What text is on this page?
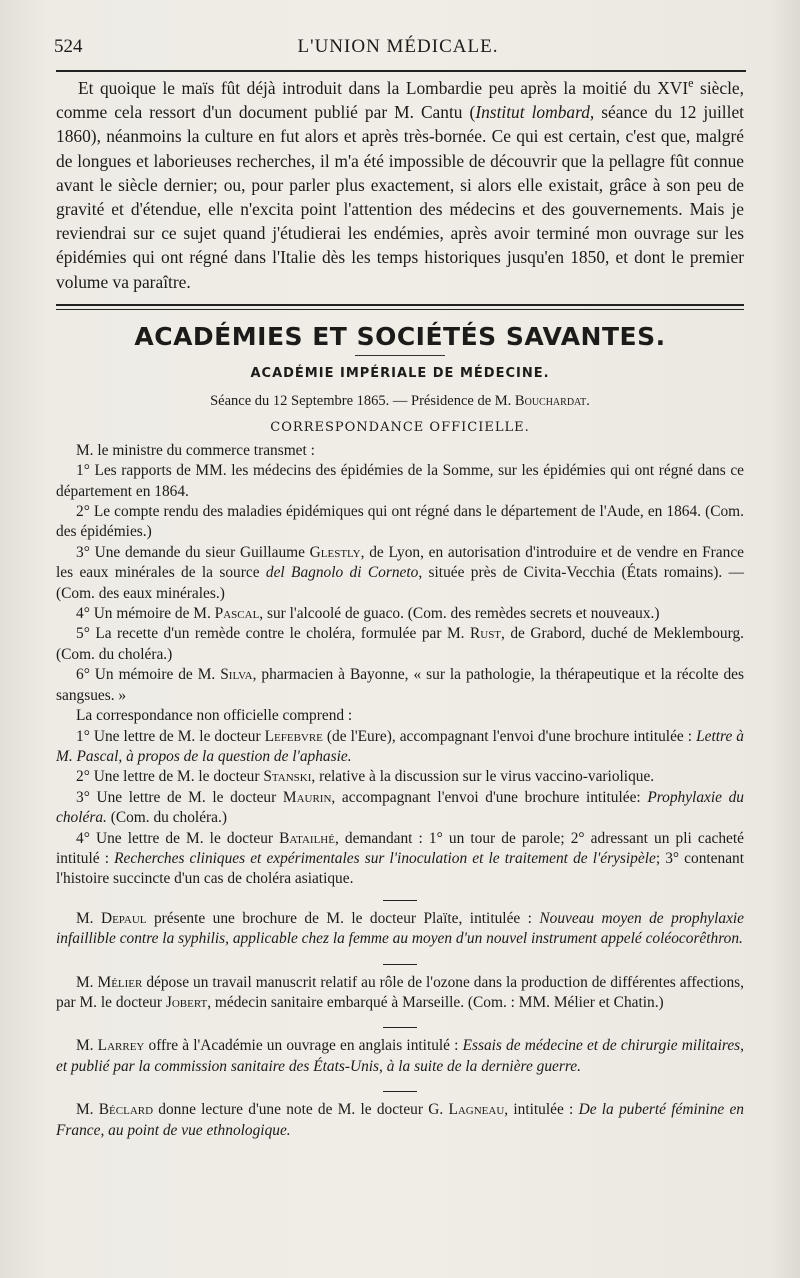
524	L'UNION MÉDICALE.

Et quoique le maïs fût déjà introduit dans la Lombardie peu après la moitié du XVIe siècle, comme cela ressort d'un document publié par M. Cantu (Institut lombard, séance du 12 juillet 1860), néanmoins la culture en fut alors et après très-bornée. Ce qui est certain, c'est que, malgré de longues et laborieuses recherches, il m'a été impossible de découvrir que la pellagre fût connue avant le siècle dernier; ou, pour parler plus exactement, si alors elle existait, grâce à son peu de gravité et d'étendue, elle n'excita point l'attention des médecins et des gouvernements. Mais je reviendrai sur ce sujet quand j'étudierai les endémies, après avoir terminé mon ouvrage sur les épidémies qui ont régné dans l'Italie dès les temps historiques jusqu'en 1850, et dont le premier volume va paraître.

ACADÉMIES ET SOCIÉTÉS SAVANTES.
ACADÉMIE IMPÉRIALE DE MÉDECINE.
Séance du 12 Septembre 1865. — Présidence de M. Bouchardat.
CORRESPONDANCE OFFICIELLE.

M. le ministre du commerce transmet :

1° Les rapports de MM. les médecins des épidémies de la Somme, sur les épidémies qui ont régné dans ce département en 1864.

2° Le compte rendu des maladies épidémiques qui ont régné dans le département de l'Aude, en 1864. (Com. des épidémies.)

3° Une demande du sieur Guillaume Glestly, de Lyon, en autorisation d'introduire et de vendre en France les eaux minérales de la source del Bagnolo di Corneto, située près de Civita-Vecchia (États romains). — (Com. des eaux minérales.)

4° Un mémoire de M. Pascal, sur l'alcoolé de guaco. (Com. des remèdes secrets et nouveaux.)

5° La recette d'un remède contre le choléra, formulée par M. Rust, de Grabord, duché de Meklembourg. (Com. du choléra.)

6° Un mémoire de M. Silva, pharmacien à Bayonne, « sur la pathologie, la thérapeutique et la récolte des sangsues. »

La correspondance non officielle comprend :

1° Une lettre de M. le docteur Lefebvre (de l'Eure), accompagnant l'envoi d'une brochure intitulée : Lettre à M. Pascal, à propos de la question de l'aphasie.

2° Une lettre de M. le docteur Stanski, relative à la discussion sur le virus vaccino-variolique.

3° Une lettre de M. le docteur Maurin, accompagnant l'envoi d'une brochure intitulée: Prophylaxie du choléra. (Com. du choléra.)

4° Une lettre de M. le docteur Batailhé, demandant : 1° un tour de parole; 2° adressant un pli cacheté intitulé : Recherches cliniques et expérimentales sur l'inoculation et le traitement de l'érysipèle; 3° contenant l'histoire succincte d'un cas de choléra asiatique.

M. Depaul présente une brochure de M. le docteur Plaïte, intitulée : Nouveau moyen de prophylaxie infaillible contre la syphilis, applicable chez la femme au moyen d'un nouvel instrument appelé coléocorêthron.

M. Mélier dépose un travail manuscrit relatif au rôle de l'ozone dans la production de différentes affections, par M. le docteur Jobert, médecin sanitaire embarqué à Marseille. (Com. : MM. Mélier et Chatin.)

M. Larrey offre à l'Académie un ouvrage en anglais intitulé : Essais de médecine et de chirurgie militaires, et publié par la commission sanitaire des États-Unis, à la suite de la dernière guerre.

M. Béclard donne lecture d'une note de M. le docteur G. Lagneau, intitulée : De la puberté féminine en France, au point de vue ethnologique.
